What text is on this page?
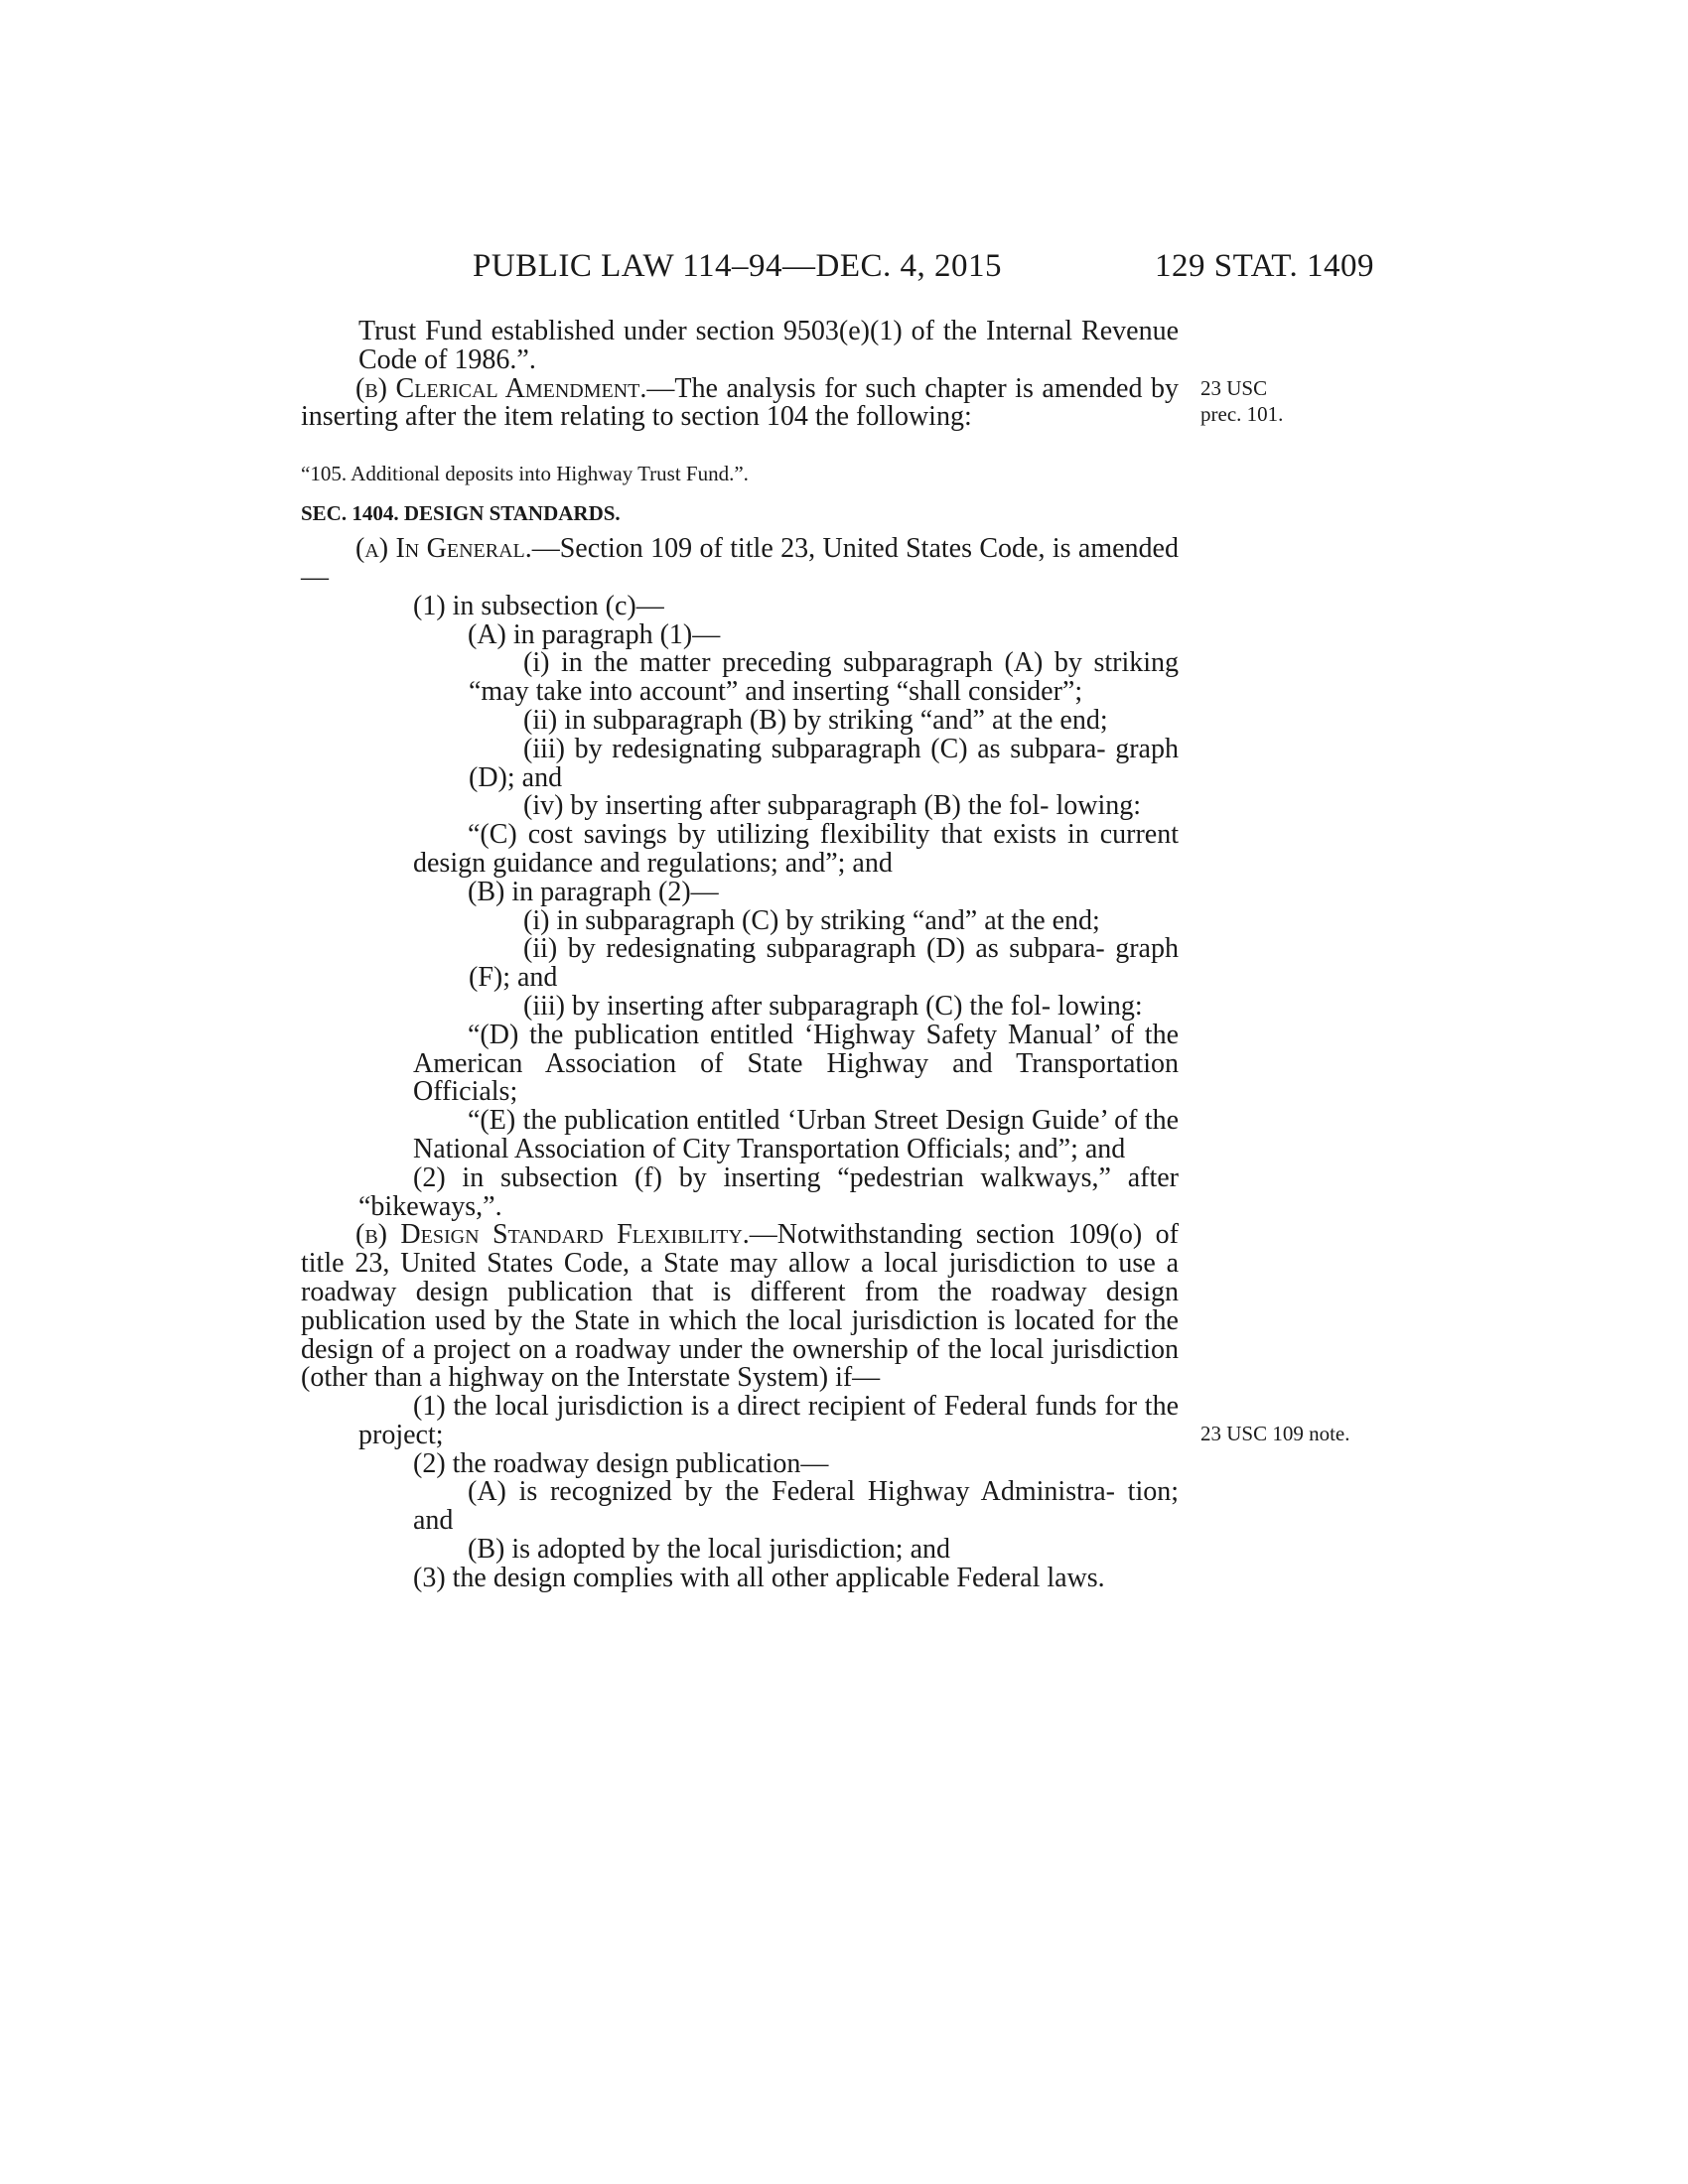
PUBLIC LAW 114–94—DEC. 4, 2015	129 STAT. 1409
23 USC
prec. 101.
23 USC 109 note.

Trust Fund established under section 9503(e)(1) of the Internal Revenue Code of 1986.”.

(b) Clerical Amendment.—The analysis for such chapter is amended by inserting after the item relating to section 104 the following:

“105. Additional deposits into Highway Trust Fund.”.

SEC. 1404. DESIGN STANDARDS.

(a) In General.—Section 109 of title 23, United States Code, is amended—

(1) in subsection (c)—

(A) in paragraph (1)—

(i) in the matter preceding subparagraph (A) by striking “may take into account” and inserting “shall consider”;

(ii) in subparagraph (B) by striking “and” at the end;

(iii) by redesignating subparagraph (C) as subpara- graph (D); and

(iv) by inserting after subparagraph (B) the fol- lowing:

“(C) cost savings by utilizing flexibility that exists in current design guidance and regulations; and”; and

(B) in paragraph (2)—

(i) in subparagraph (C) by striking “and” at the end;

(ii) by redesignating subparagraph (D) as subpara- graph (F); and

(iii) by inserting after subparagraph (C) the fol- lowing:

“(D) the publication entitled ‘Highway Safety Manual’ of the American Association of State Highway and Transportation Officials;

“(E) the publication entitled ‘Urban Street Design Guide’ of the National Association of City Transportation Officials; and”; and

(2) in subsection (f) by inserting “pedestrian walkways,” after “bikeways,”.

(b) Design Standard Flexibility.—Notwithstanding section 109(o) of title 23, United States Code, a State may allow a local jurisdiction to use a roadway design publication that is different from the roadway design publication used by the State in which the local jurisdiction is located for the design of a project on a roadway under the ownership of the local jurisdiction (other than a highway on the Interstate System) if—

(1) the local jurisdiction is a direct recipient of Federal funds for the project;

(2) the roadway design publication—

(A) is recognized by the Federal Highway Administra- tion; and

(B) is adopted by the local jurisdiction; and

(3) the design complies with all other applicable Federal laws.
